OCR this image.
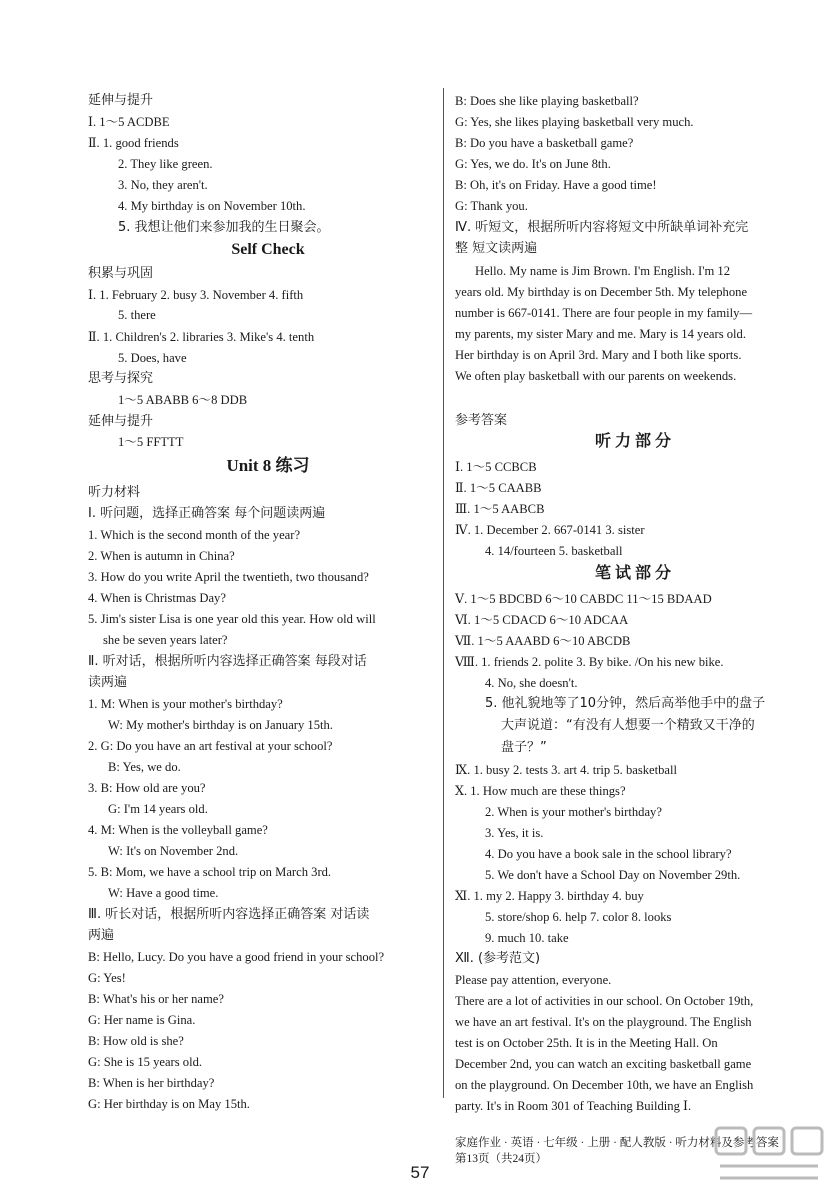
延伸与提升
Ⅰ. 1～5 ACDBE
Ⅱ. 1. good friends
2. They like green.
3. No, they aren't.
4. My birthday is on November 10th.
5. 我想让他们来参加我的生日聚会。
Self Check
积累与巩固
Ⅰ. 1. February 2. busy 3. November 4. fifth
5. there
Ⅱ. 1. Children's 2. libraries 3. Mike's 4. tenth
5. Does, have
思考与探究
1～5 ABABB 6～8 DDB
延伸与提升
1～5 FFTTT
Unit 8 练习
听力材料
Ⅰ. 听问题，选择正确答案 每个问题读两遍
1. Which is the second month of the year?
2. When is autumn in China?
3. How do you write April the twentieth, two thousand?
4. When is Christmas Day?
5. Jim's sister Lisa is one year old this year. How old will
she be seven years later?
Ⅱ. 听对话，根据所听内容选择正确答案 每段对话
读两遍
1. M: When is your mother's birthday?
W: My mother's birthday is on January 15th.
2. G: Do you have an art festival at your school?
B: Yes, we do.
3. B: How old are you?
G: I'm 14 years old.
4. M: When is the volleyball game?
W: It's on November 2nd.
5. B: Mom, we have a school trip on March 3rd.
W: Have a good time.
Ⅲ. 听长对话，根据所听内容选择正确答案 对话读
两遍
B: Hello, Lucy. Do you have a good friend in your school?
G: Yes!
B: What's his or her name?
G: Her name is Gina.
B: How old is she?
G: She is 15 years old.
B: When is her birthday?
G: Her birthday is on May 15th.
B: Does she like playing basketball?
G: Yes, she likes playing basketball very much.
B: Do you have a basketball game?
G: Yes, we do. It's on June 8th.
B: Oh, it's on Friday. Have a good time!
G: Thank you.
Ⅳ. 听短文，根据所听内容将短文中所缺单词补充完
整 短文读两遍
Hello. My name is Jim Brown. I'm English. I'm 12
years old. My birthday is on December 5th. My telephone
number is 667-0141. There are four people in my family—
my parents, my sister Mary and me. Mary is 14 years old.
Her birthday is on April 3rd. Mary and I both like sports.
We often play basketball with our parents on weekends.
参考答案
听力部分
Ⅰ. 1～5 CCBCB
Ⅱ. 1～5 CAABB
Ⅲ. 1～5 AABCB
Ⅳ. 1. December 2. 667-0141 3. sister
4. 14/fourteen 5. basketball
笔试部分
Ⅴ. 1～5 BDCBD 6～10 CABDC 11～15 BDAAD
Ⅵ. 1～5 CDACD 6～10 ADCAA
Ⅶ. 1～5 AAABD 6～10 ABCDB
Ⅷ. 1. friends 2. polite 3. By bike. /On his new bike.
4. No, she doesn't.
5. 他礼貌地等了10分钟，然后高举他手中的盘子
大声说道：“有没有人想要一个精致又干净的
盘子？”
Ⅸ. 1. busy 2. tests 3. art 4. trip 5. basketball
Ⅹ. 1. How much are these things?
2. When is your mother's birthday?
3. Yes, it is.
4. Do you have a book sale in the school library?
5. We don't have a School Day on November 29th.
Ⅺ. 1. my 2. Happy 3. birthday 4. buy
5. store/shop 6. help 7. color 8. looks
9. much 10. take
Ⅻ. (参考范文)
Please pay attention, everyone.
There are a lot of activities in our school. On October 19th,
we have an art festival. It's on the playground. The English
test is on October 25th. It is in the Meeting Hall. On
December 2nd, you can watch an exciting basketball game
on the playground. On December 10th, we have an English
party. It's in Room 301 of Teaching Building Ⅰ.
家庭作业 · 英语 · 七年级 · 上册 · 配人教版 · 听力材料及参考答案 第13页（共24页）
57
